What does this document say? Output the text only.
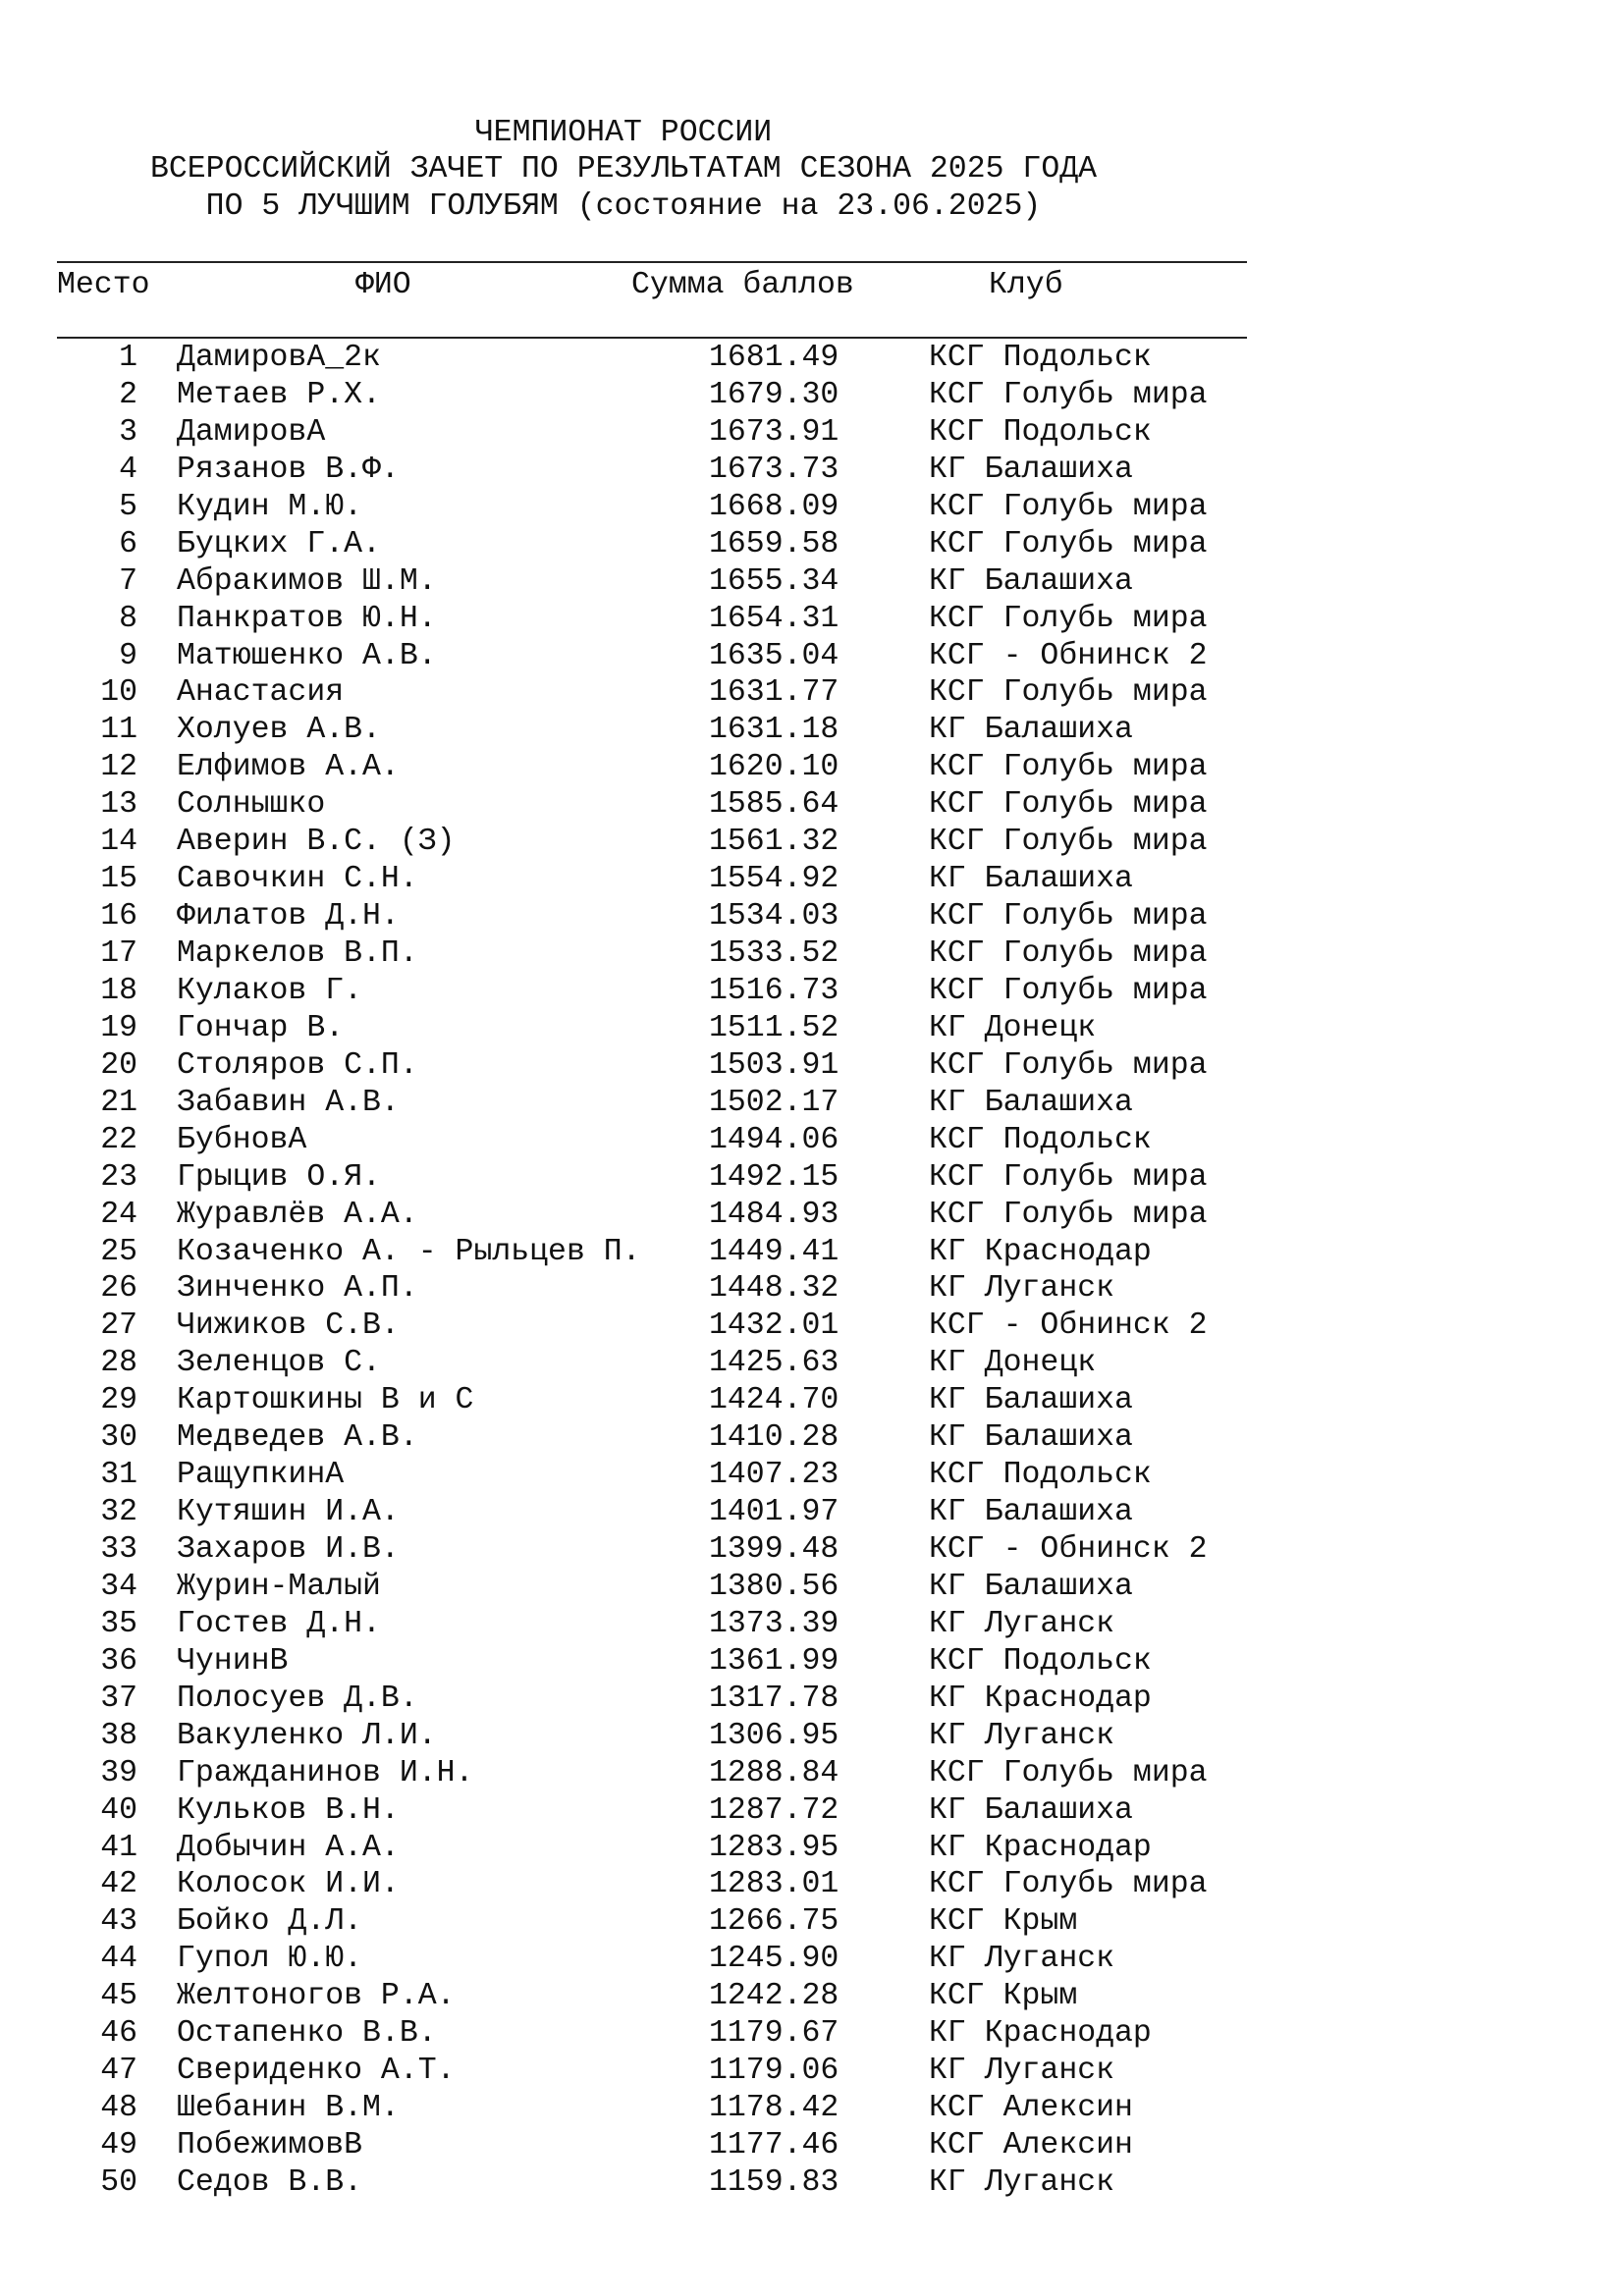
ЧЕМПИОНАТ РОССИИ
ВСЕРОССИЙСКИЙ ЗАЧЕТ ПО РЕЗУЛЬТАТАМ СЕЗОНА 2025 ГОДА
ПО 5 ЛУЧШИМ ГОЛУБЯМ (состояние на 23.06.2025)
Место	ФИО	Сумма баллов	Клуб
1 ДамировА_2к	1681.49	КСГ Подольск
2 Метаев Р.Х.	1679.30	КСГ Голубь мира
3 ДамировА	1673.91	КСГ Подольск
4 Рязанов В.Ф.	1673.73	КГ Балашиха
5 Кудин М.Ю.	1668.09	КСГ Голубь мира
6 Буцких Г.А.	1659.58	КСГ Голубь мира
7 Абракимов Ш.М.	1655.34	КГ Балашиха
8 Панкратов Ю.Н.	1654.31	КСГ Голубь мира
9 Матюшенко А.В.	1635.04	КСГ - Обнинск 2
10 Анастасия	1631.77	КСГ Голубь мира
11 Холуев А.В.	1631.18	КГ Балашиха
12 Елфимов А.А.	1620.10	КСГ Голубь мира
13 Солнышко	1585.64	КСГ Голубь мира
14 Аверин В.С. (З)	1561.32	КСГ Голубь мира
15 Савочкин С.Н.	1554.92	КГ Балашиха
16 Филатов Д.Н.	1534.03	КСГ Голубь мира
17 Маркелов В.П.	1533.52	КСГ Голубь мира
18 Кулаков Г.	1516.73	КСГ Голубь мира
19 Гончар В.	1511.52	КГ Донецк
20 Столяров С.П.	1503.91	КСГ Голубь мира
21 Забавин А.В.	1502.17	КГ Балашиха
22 БубновА	1494.06	КСГ Подольск
23 Грыцив О.Я.	1492.15	КСГ Голубь мира
24 Журавлёв А.А.	1484.93	КСГ Голубь мира
25 Козаченко А. - Рыльцев П. 1449.41	КГ Краснодар
26 Зинченко А.П.	1448.32	КГ Луганск
27 Чижиков С.В.	1432.01	КСГ - Обнинск 2
28 Зеленцов С.	1425.63	КГ Донецк
29 Картошкины В и С	1424.70	КГ Балашиха
30 Медведев А.В.	1410.28	КГ Балашиха
31 РащупкинА	1407.23	КСГ Подольск
32 Кутяшин И.А.	1401.97	КГ Балашиха
33 Захаров И.В.	1399.48	КСГ - Обнинск 2
34 Журин-Малый	1380.56	КГ Балашиха
35 Гостев Д.Н.	1373.39	КГ Луганск
36 ЧунинВ	1361.99	КСГ Подольск
37 Полосуев Д.В.	1317.78	КГ Краснодар
38 Вакуленко Л.И.	1306.95	КГ Луганск
39 Гражданинов И.Н.	1288.84	КСГ Голубь мира
40 Кульков В.Н.	1287.72	КГ Балашиха
41 Добычин А.А.	1283.95	КГ Краснодар
42 Колосок И.И.	1283.01	КСГ Голубь мира
43 Бойко Д.Л.	1266.75	КСГ Крым
44 Гупол Ю.Ю.	1245.90	КГ Луганск
45 Желтоногов Р.А.	1242.28	КСГ Крым
46 Остапенко В.В.	1179.67	КГ Краснодар
47 Свериденко А.Т.	1179.06	КГ Луганск
48 Шебанин В.М.	1178.42	КСГ Алексин
49 ПобежимовВ	1177.46	КСГ Алексин
50 Седов В.В.	1159.83	КГ Луганск
